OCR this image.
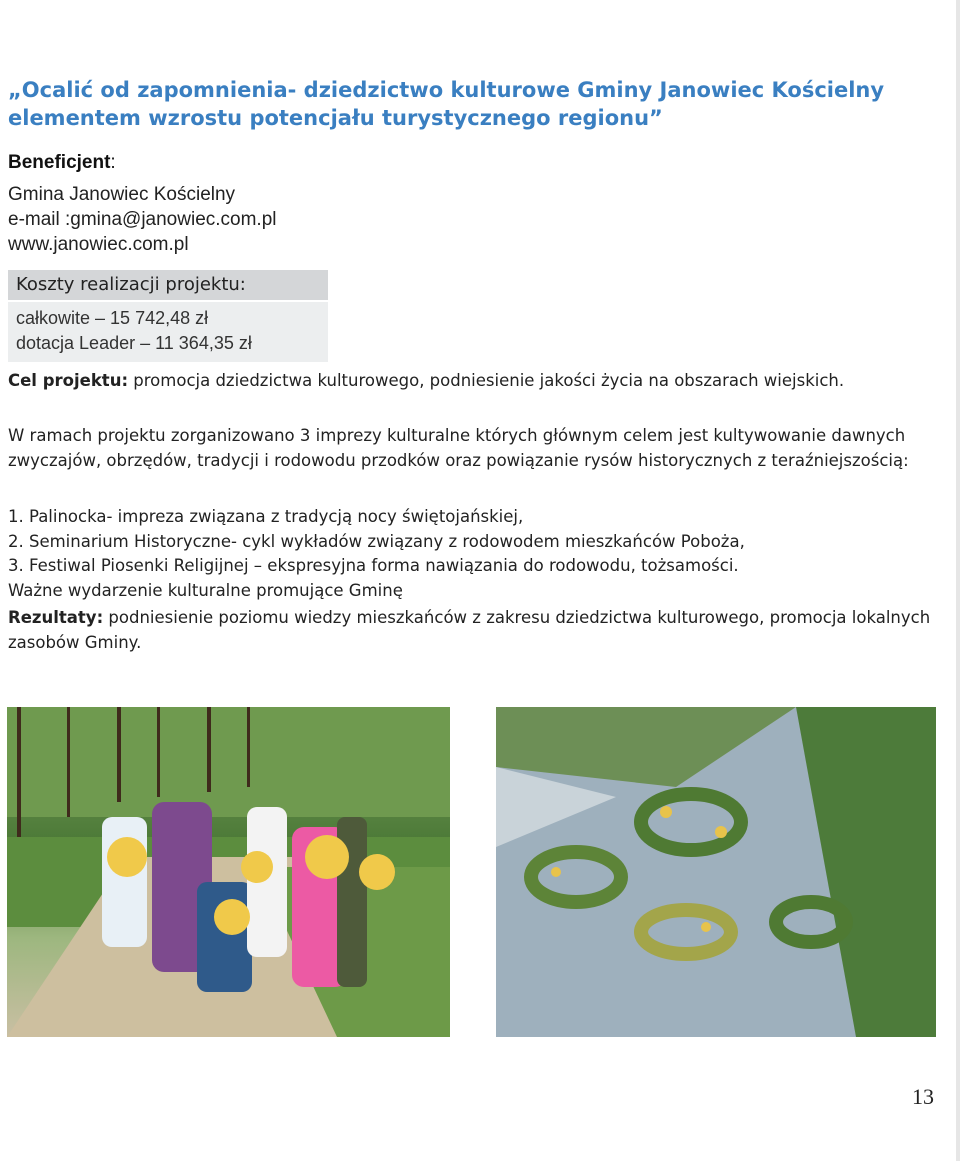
„Ocalić od zapomnienia- dziedzictwo kulturowe Gminy Janowiec Kościelny elementem wzrostu potencjału turystycznego regionu”
Beneficjent:
Gmina Janowiec Kościelny
e-mail :gmina@janowiec.com.pl
www.janowiec.com.pl
Koszty realizacji projektu:
całkowite – 15 742,48 zł
dotacja Leader – 11 364,35 zł

Cel projektu: promocja dziedzictwa kulturowego, podniesienie jakości życia na obszarach wiejskich.

W ramach projektu zorganizowano 3 imprezy kulturalne których głównym celem jest kultywowanie dawnych zwyczajów, obrzędów, tradycji i rodowodu przodków oraz powiązanie rysów historycznych z teraźniejszością:

1. Palinocka- impreza związana z tradycją nocy świętojańskiej,
2. Seminarium Historyczne- cykl wykładów związany z rodowodem mieszkańców Poboża,
3. Festiwal Piosenki Religijnej – ekspresyjna forma nawiązania do rodowodu, tożsamości.
Ważne wydarzenie kulturalne promujące Gminę

Rezultaty: podniesienie poziomu wiedzy mieszkańców z zakresu dziedzictwa kulturowego, promocja lokalnych zasobów Gminy.

13
